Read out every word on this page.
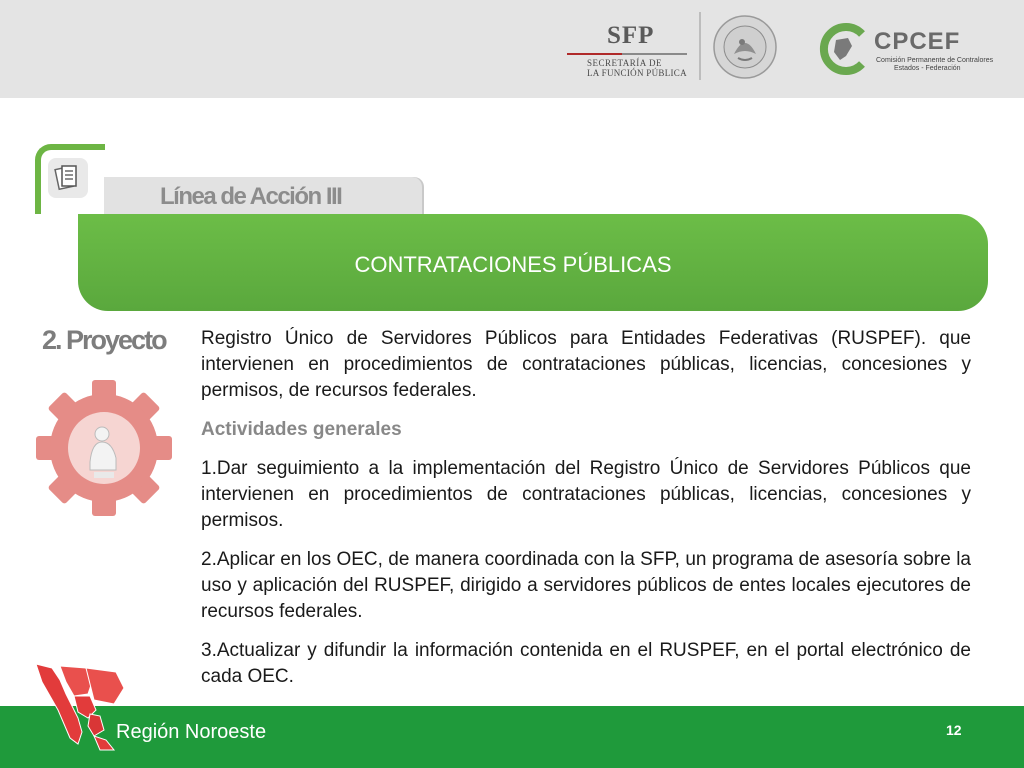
SFP
SECRETARÍA DE
LA FUNCIÓN PÚBLICA
CPCEF
Comisión Permanente de Contralores
Estados - Federación
Línea de Acción III
CONTRATACIONES PÚBLICAS
2. Proyecto Registro Único de Servidores Públicos para Entidades Federativas (RUSPEF). que intervienen en procedimientos de contrataciones públicas, licencias, concesiones y permisos, de recursos federales.

Actividades generales

1.Dar seguimiento a la implementación del Registro Único de Servidores Públicos que intervienen en procedimientos de contrataciones públicas, licencias, concesiones y permisos.

2.Aplicar en los OEC, de manera coordinada con la SFP, un programa de asesoría sobre la uso y aplicación del RUSPEF, dirigido a servidores públicos de entes locales ejecutores de recursos federales.

3.Actualizar y difundir la información contenida en el RUSPEF, en el portal electrónico de cada OEC.

Región Noroeste	12
